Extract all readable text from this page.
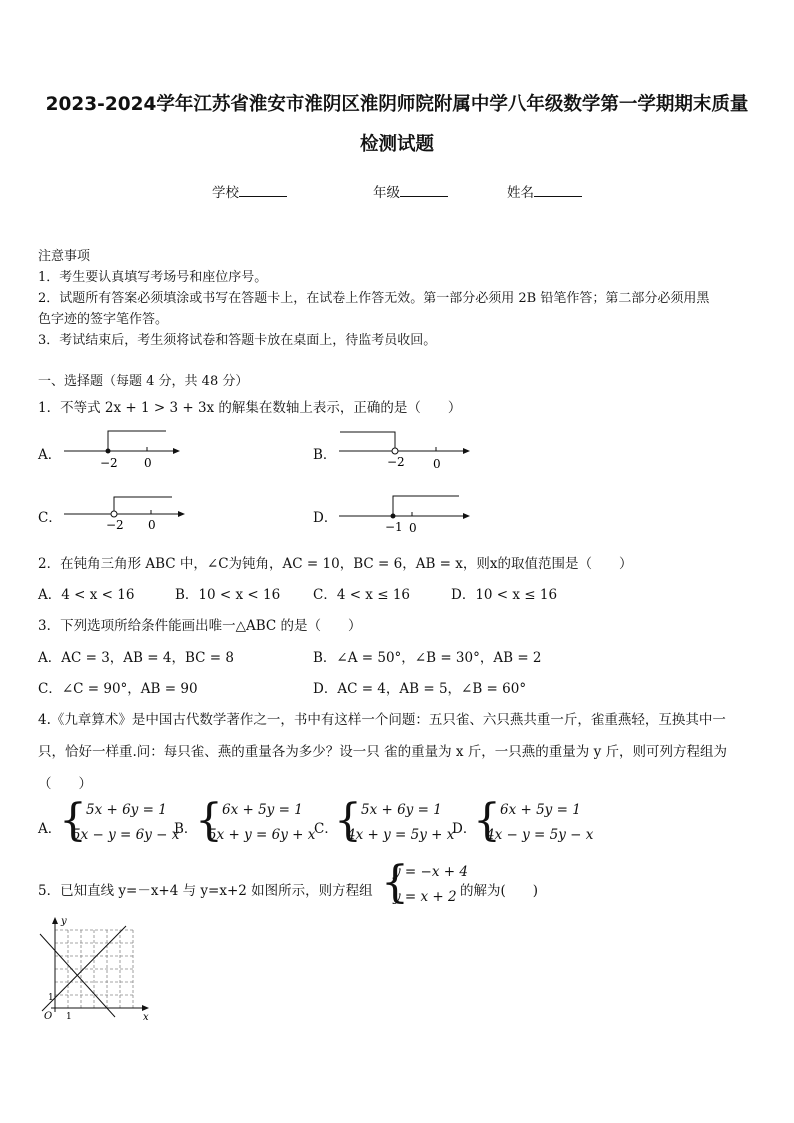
2023-2024学年江苏省淮安市淮阴区淮阴师院附属中学八年级数学第一学期期末质量
检测试题
学校	年级	姓名
注意事项
1．考生要认真填写考场号和座位序号。
2．试题所有答案必须填涂或书写在答题卡上，在试卷上作答无效。第一部分必须用 2B 铅笔作答；第二部分必须用黑
色字迹的签字笔作答。
3．考试结束后，考生须将试卷和答题卡放在桌面上，待监考员收回。
一、选择题（每题 4 分，共 48 分）
1．不等式 2x + 1 > 3 + 3x 的解集在数轴上表示，正确的是（　　）
A．	−2 0	B．	−2 0
C．	−2 0	D．
−1 0
2．在钝角三角形 ABC 中，∠C为钝角，AC = 10，BC = 6，AB = x，则x的取值范围是（　　）
A．4 < x < 16	B．10 < x < 16 C．4 < x ≤ 16	D．10 < x ≤ 16
3．下列选项所给条件能画出唯一△ABC 的是（　　）
A．AC = 3，AB = 4，BC = 8	B．∠A = 50°，∠B = 30°，AB = 2
C．∠C = 90°，AB = 90	D．AC = 4，AB = 5，∠B = 60°
4.《九章算术》是中国古代数学著作之一，书中有这样一个问题：五只雀、六只燕共重一斤，雀重燕轻，互换其中一
只，恰好一样重.问：每只雀、燕的重量各为多少？设一只 雀的重量为 x 斤，一只燕的重量为 y 斤，则可列方程组为
（　　）
A．
{ 5x + 6y = 1
5x − y = 6y − x
B．
{ 6x + 5y = 1
5x + y = 6y + x
C．
{ 5x + 6y = 1
4x + y = 5y + x
D．
{ 6x + 5y = 1
4x − y = 5y − x
5．已知直线 y=－x+4 与 y=x+2 如图所示，则方程组 {
y = −x + 4
y = x + 2 的解为(　　)
y
x
O 1
1
